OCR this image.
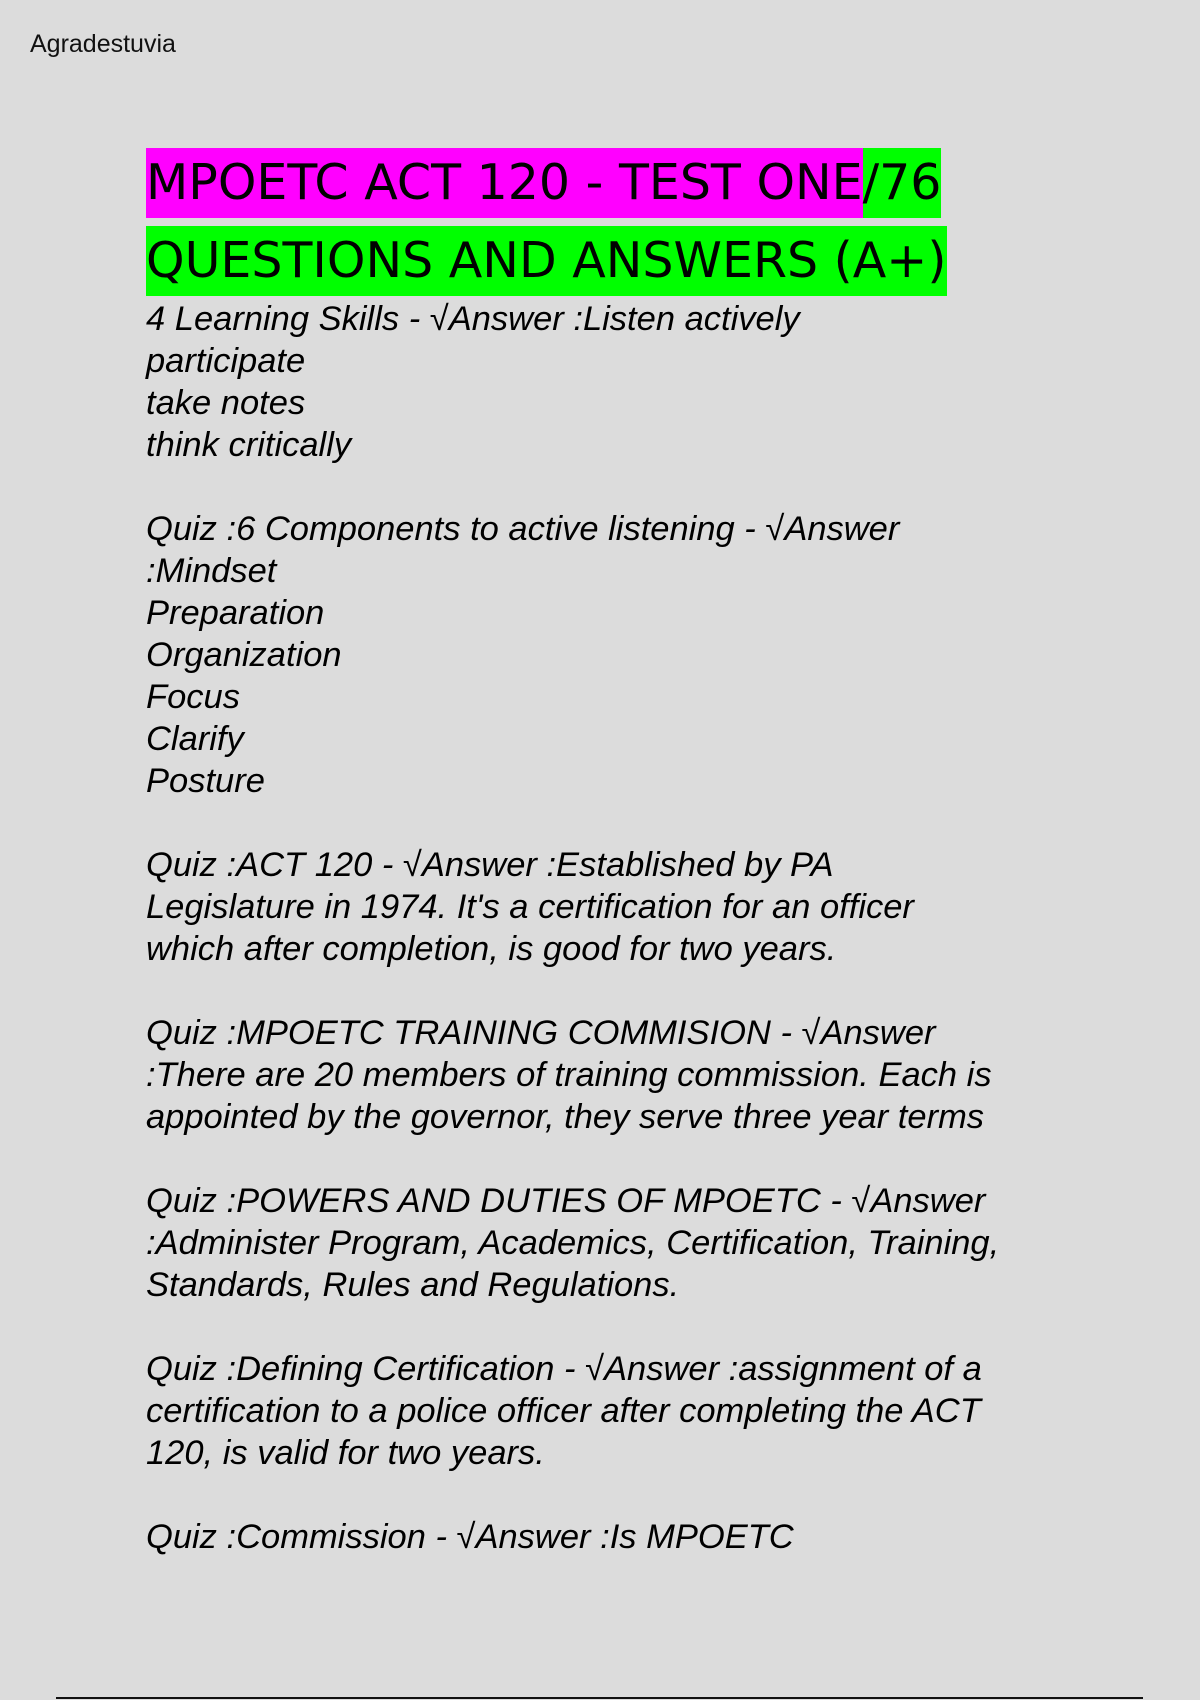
Agradestuvia
MPOETC ACT 120 - TEST ONE/76
QUESTIONS AND ANSWERS (A+)
4 Learning Skills - √Answer :Listen actively
participate
take notes
think critically
Quiz :6 Components to active listening - √Answer
:Mindset
Preparation
Organization
Focus
Clarify
Posture
Quiz :ACT 120 - √Answer :Established by PA
Legislature in 1974. It's a certification for an officer
which after completion, is good for two years.
Quiz :MPOETC TRAINING COMMISION - √Answer
:There are 20 members of training commission. Each is
appointed by the governor, they serve three year terms
Quiz :POWERS AND DUTIES OF MPOETC - √Answer
:Administer Program, Academics, Certification, Training,
Standards, Rules and Regulations.
Quiz :Defining Certification - √Answer :assignment of a
certification to a police officer after completing the ACT
120, is valid for two years.
Quiz :Commission - √Answer :Is MPOETC
